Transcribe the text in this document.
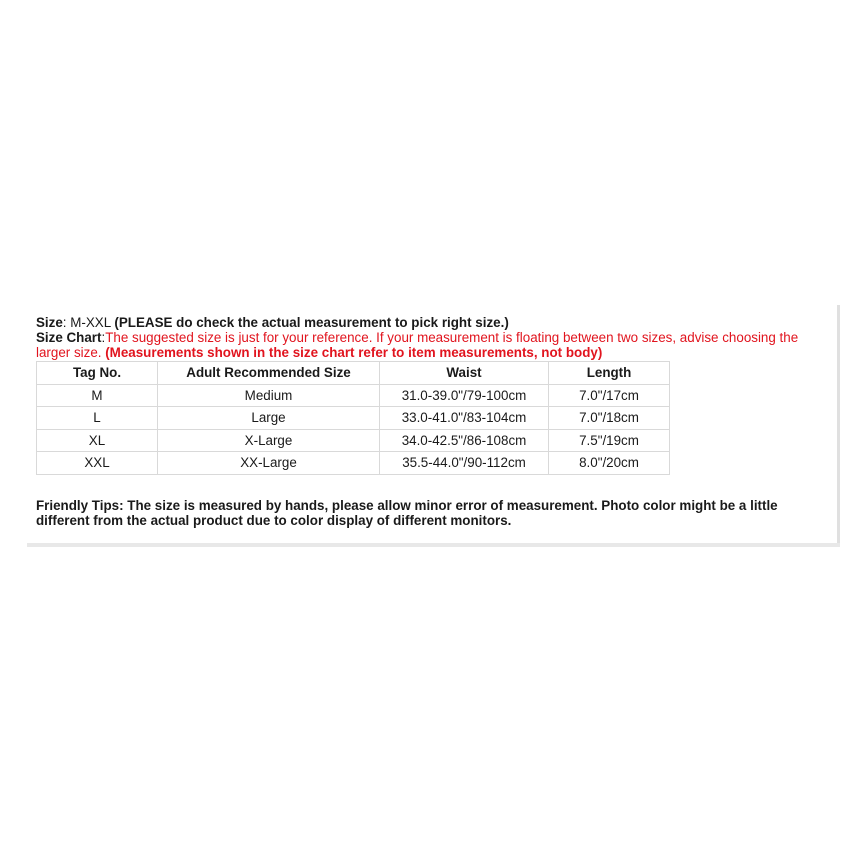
Size: M-XXL (PLEASE do check the actual measurement to pick right size.)

Size Chart:The suggested size is just for your reference. If your measurement is floating between two sizes, advise choosing the larger size. (Measurements shown in the size chart refer to item measurements, not body)

Tag No.	Adult Recommended Size	Waist	Length
M	Medium	31.0-39.0"/79-100cm	7.0"/17cm
L	Large	33.0-41.0"/83-104cm	7.0"/18cm
XL	X-Large	34.0-42.5"/86-108cm	7.5"/19cm
XXL	XX-Large	35.5-44.0"/90-112cm	8.0"/20cm

Friendly Tips: The size is measured by hands, please allow minor error of measurement. Photo color might be a little different from the actual product due to color display of different monitors.
